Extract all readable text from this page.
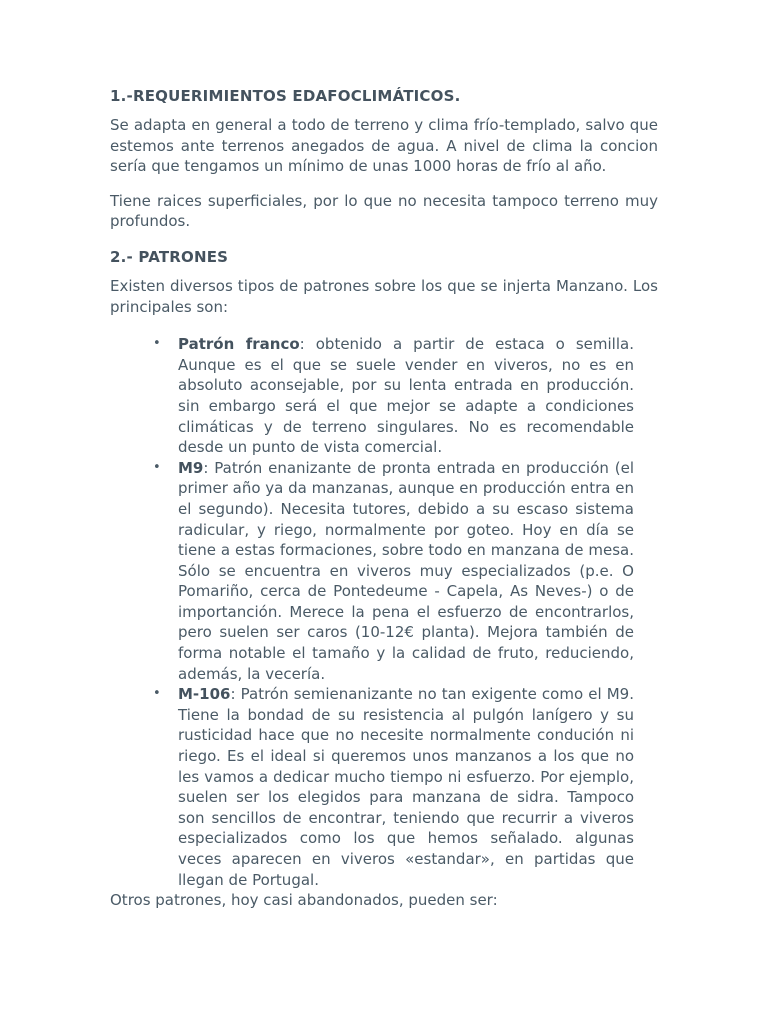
1.-REQUERIMIENTOS EDAFOCLIMÁTICOS.

Se adapta en general a todo de terreno y clima frío-templado, salvo que estemos ante terrenos anegados de agua. A nivel de clima la concion sería que tengamos un mínimo de unas 1000 horas de frío al año.

Tiene raices superficiales, por lo que no necesita tampoco terreno muy profundos.

2.- PATRONES

Existen diversos tipos de patrones sobre los que se injerta Manzano. Los principales son:

• Patrón franco: obtenido a partir de estaca o semilla. Aunque es el que se suele vender en viveros, no es en absoluto aconsejable, por su lenta entrada en producción. sin embargo será el que mejor se adapte a condiciones climáticas y de terreno singulares. No es recomendable desde un punto de vista comercial.
• M9: Patrón enanizante de pronta entrada en producción (el primer año ya da manzanas, aunque en producción entra en el segundo). Necesita tutores, debido a su escaso sistema radicular, y riego, normalmente por goteo. Hoy en día se tiene a estas formaciones, sobre todo en manzana de mesa. Sólo se encuentra en viveros muy especializados (p.e. O Pomariño, cerca de Pontedeume - Capela, As Neves-) o de importanción. Merece la pena el esfuerzo de encontrarlos, pero suelen ser caros (10-12€ planta). Mejora también de forma notable el tamaño y la calidad de fruto, reduciendo, además, la vecería.
• M-106: Patrón semienanizante no tan exigente como el M9. Tiene la bondad de su resistencia al pulgón lanígero y su rusticidad hace que no necesite normalmente condución ni riego. Es el ideal si queremos unos manzanos a los que no les vamos a dedicar mucho tiempo ni esfuerzo. Por ejemplo, suelen ser los elegidos para manzana de sidra. Tampoco son sencillos de encontrar, teniendo que recurrir a viveros especializados como los que hemos señalado. algunas veces aparecen en viveros «estandar», en partidas que llegan de Portugal.

Otros patrones, hoy casi abandonados, pueden ser:
